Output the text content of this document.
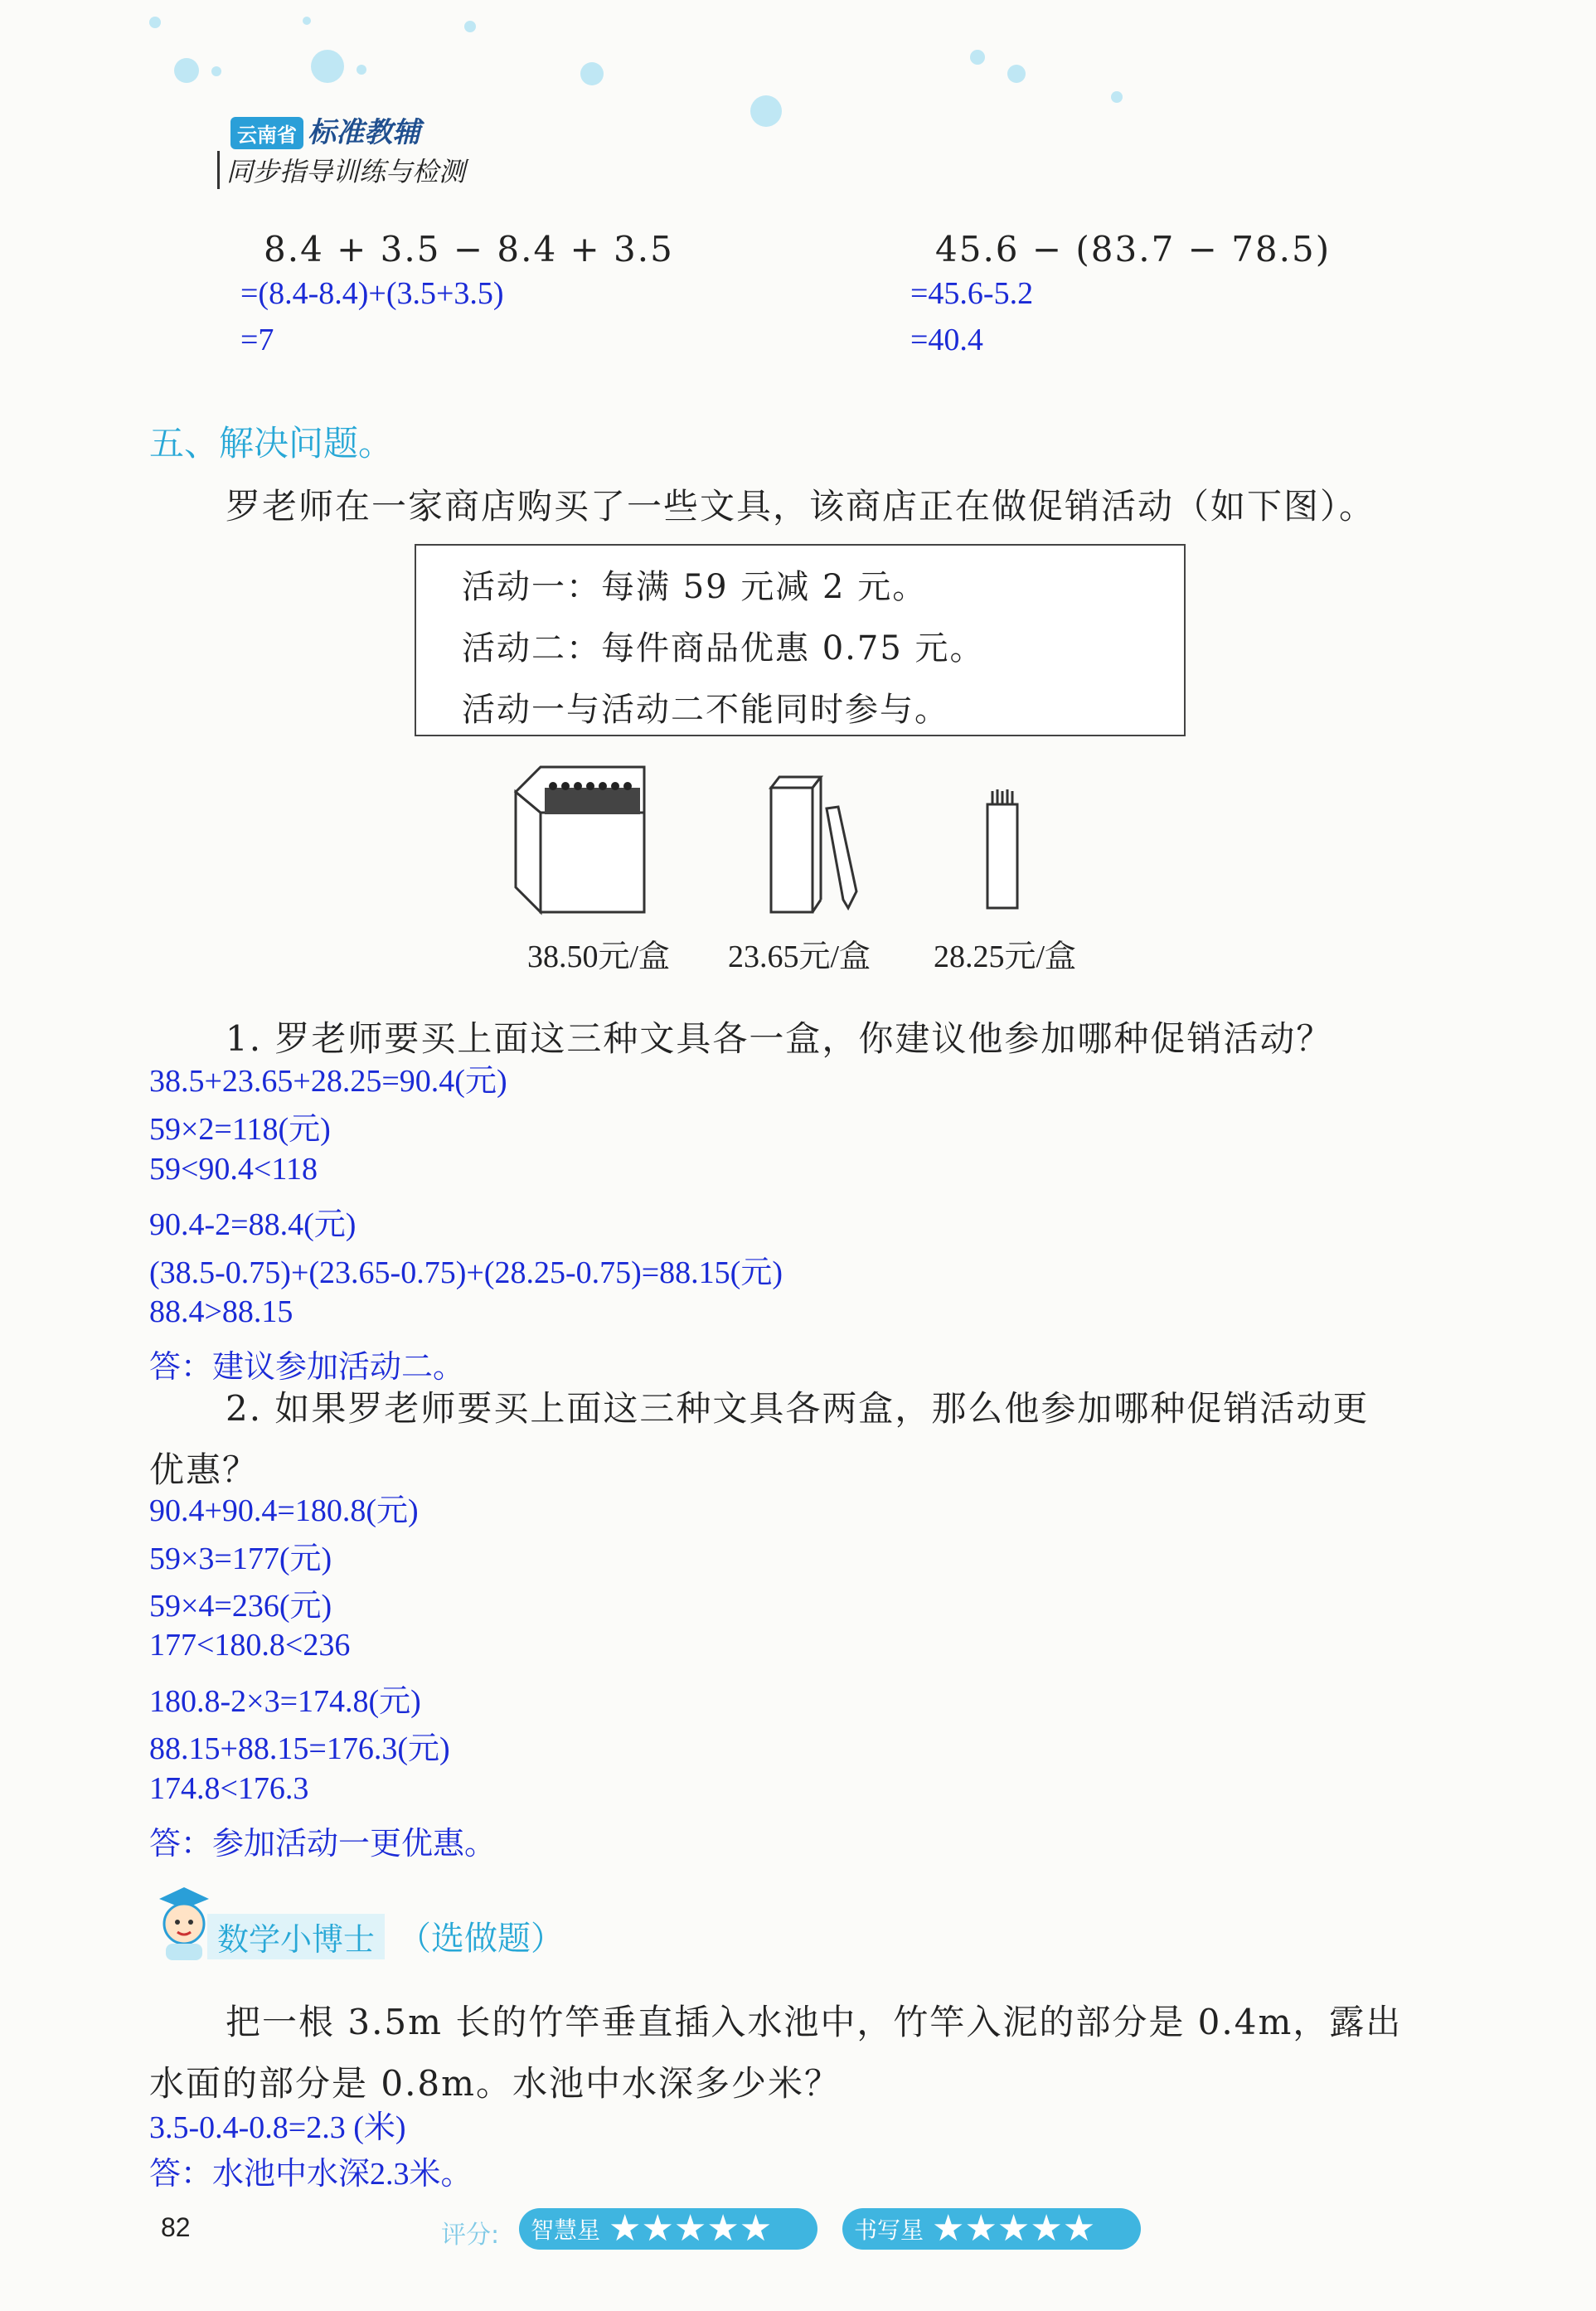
云南省 标准教辅
同步指导训练与检测
8.4 + 3.5 − 8.4 + 3.5
=(8.4-8.4)+(3.5+3.5)
=7
45.6 − (83.7 − 78.5)
=45.6-5.2
=40.4
五、解决问题。
罗老师在一家商店购买了一些文具，该商店正在做促销活动（如下图）。
活动一：每满 59 元减 2 元。
活动二：每件商品优惠 0.75 元。
活动一与活动二不能同时参与。
38.50元/盒 23.65元/盒 28.25元/盒
1. 罗老师要买上面这三种文具各一盒，你建议他参加哪种促销活动？
38.5+23.65+28.25=90.4(元)
59×2=118(元)
59<90.4<118
90.4-2=88.4(元)
(38.5-0.75)+(23.65-0.75)+(28.25-0.75)=88.15(元)
88.4>88.15
答：建议参加活动二。
2. 如果罗老师要买上面这三种文具各两盒，那么他参加哪种促销活动更
优惠？
90.4+90.4=180.8(元)
59×3=177(元)
59×4=236(元)
177<180.8<236
180.8-2×3=174.8(元)
88.15+88.15=176.3(元)
174.8<176.3
答：参加活动一更优惠。
数学小博士 （选做题）
把一根 3.5m 长的竹竿垂直插入水池中，竹竿入泥的部分是 0.4m，露出
水面的部分是 0.8m。水池中水深多少米？
3.5-0.4-0.8=2.3 (米)
答：水池中水深2.3米。
82	评分: 智慧星 ★★★★★	书写星 ★★★★★
